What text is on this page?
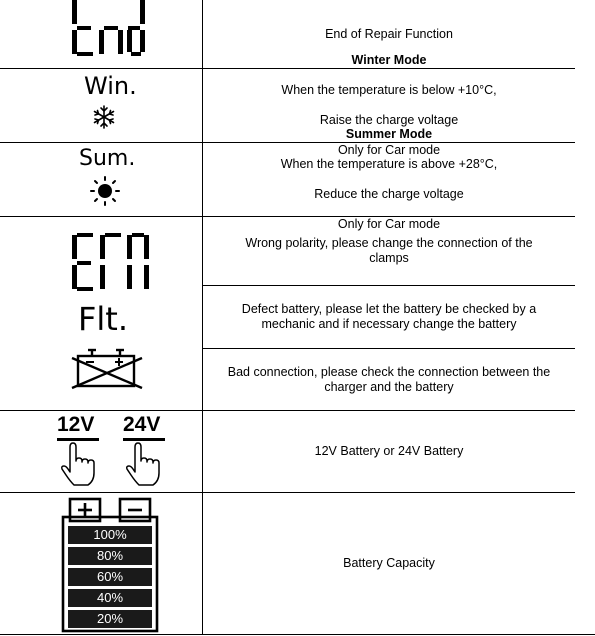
End of Repair Function
Win.

Winter Mode

When the temperature is below +10°C,

Raise the charge voltage

Only for Car mode

Sum.

Summer Mode

When the temperature is above +28°C,

Reduce the charge voltage

Only for Car mode

Wrong polarity, please change the connection of the
clamps
Flt.	Defect battery, please let the battery be checked by a
mechanic and if necessary change the battery
Bad connection, please check the connection between the
charger and the battery
12V 24V
12V Battery or 24V Battery
100%
80%
60%
40%
20%
Battery Capacity
